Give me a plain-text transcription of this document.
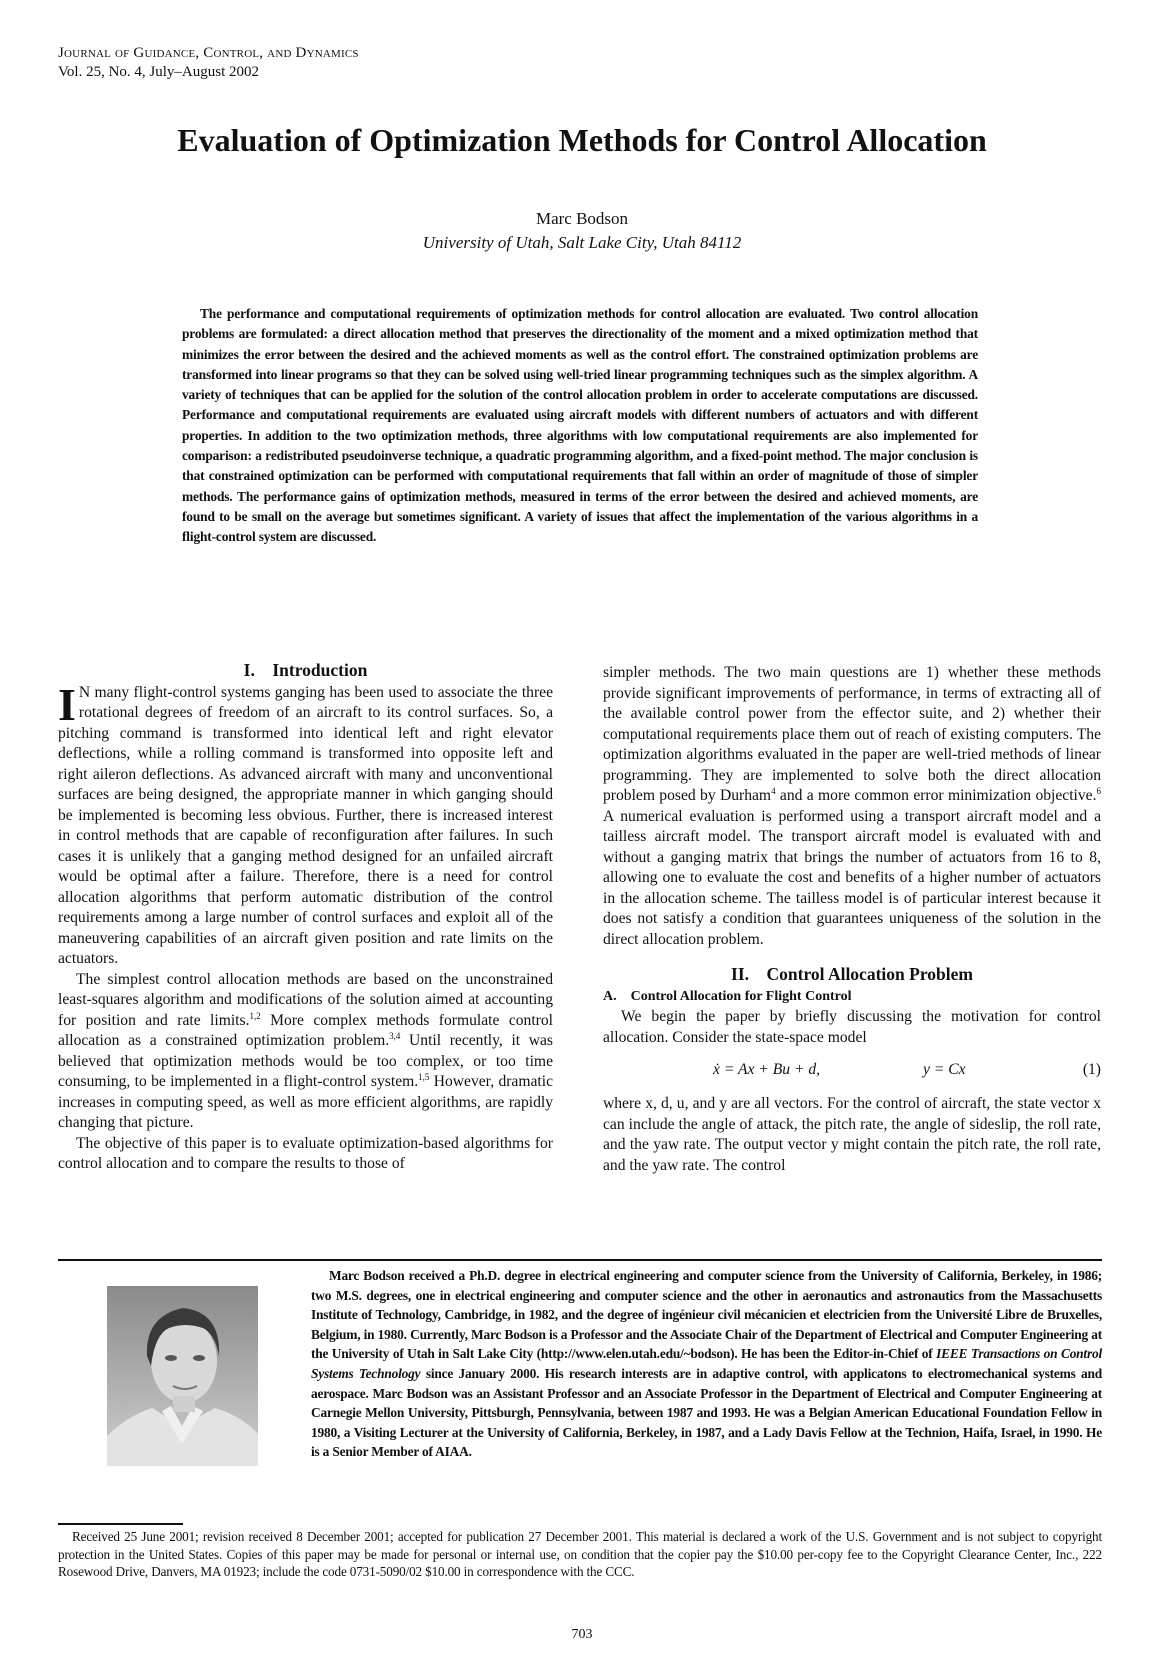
Journal of Guidance, Control, and Dynamics
Vol. 25, No. 4, July–August 2002
Evaluation of Optimization Methods for Control Allocation
Marc Bodson
University of Utah, Salt Lake City, Utah 84112
The performance and computational requirements of optimization methods for control allocation are evaluated. Two control allocation problems are formulated: a direct allocation method that preserves the directionality of the moment and a mixed optimization method that minimizes the error between the desired and the achieved moments as well as the control effort. The constrained optimization problems are transformed into linear programs so that they can be solved using well-tried linear programming techniques such as the simplex algorithm. A variety of techniques that can be applied for the solution of the control allocation problem in order to accelerate computations are discussed. Performance and computational requirements are evaluated using aircraft models with different numbers of actuators and with different properties. In addition to the two optimization methods, three algorithms with low computational requirements are also implemented for comparison: a redistributed pseudoinverse technique, a quadratic programming algorithm, and a fixed-point method. The major conclusion is that constrained optimization can be performed with computational requirements that fall within an order of magnitude of those of simpler methods. The performance gains of optimization methods, measured in terms of the error between the desired and achieved moments, are found to be small on the average but sometimes significant. A variety of issues that affect the implementation of the various algorithms in a flight-control system are discussed.
I.    Introduction

I N many flight-control systems ganging has been used to associate the three rotational degrees of freedom of an aircraft to its control surfaces. So, a pitching command is transformed into identical left and right elevator deflections, while a rolling command is transformed into opposite left and right aileron deflections. As advanced aircraft with many and unconventional surfaces are being designed, the appropriate manner in which ganging should be implemented is becoming less obvious. Further, there is increased interest in control methods that are capable of reconfiguration after failures. In such cases it is unlikely that a ganging method designed for an unfailed aircraft would be optimal after a failure. Therefore, there is a need for control allocation algorithms that perform automatic distribution of the control requirements among a large number of control surfaces and exploit all of the maneuvering capabilities of an aircraft given position and rate limits on the actuators.

The simplest control allocation methods are based on the unconstrained least-squares algorithm and modifications of the solution aimed at accounting for position and rate limits.$^{1,2}$ More complex methods formulate control allocation as a constrained optimization problem.$^{3,4}$ Until recently, it was believed that optimization methods would be too complex, or too time consuming, to be implemented in a flight-control system.$^{1,5}$ However, dramatic increases in computing speed, as well as more efficient algorithms, are rapidly changing that picture.

The objective of this paper is to evaluate optimization-based algorithms for control allocation and to compare the results to those of

simpler methods. The two main questions are 1) whether these methods provide significant improvements of performance, in terms of extracting all of the available control power from the effector suite, and 2) whether their computational requirements place them out of reach of existing computers. The optimization algorithms evaluated in the paper are well-tried methods of linear programming. They are implemented to solve both the direct allocation problem posed by Durham$^4$ and a more common error minimization objective.$^6$ A numerical evaluation is performed using a transport aircraft model and a tailless aircraft model. The transport aircraft model is evaluated with and without a ganging matrix that brings the number of actuators from 16 to 8, allowing one to evaluate the cost and benefits of a higher number of actuators in the allocation scheme. The tailless model is of particular interest because it does not satisfy a condition that guarantees uniqueness of the solution in the direct allocation problem.

II.    Control Allocation Problem
A.    Control Allocation for Flight Control

We begin the paper by briefly discussing the motivation for control allocation. Consider the state-space model

ẋ = Ax + Bu + d,	y = Cx	(1)

where x, d, u, and y are all vectors. For the control of aircraft, the state vector x can include the angle of attack, the pitch rate, the angle of sideslip, the roll rate, and the yaw rate. The output vector y might contain the pitch rate, the roll rate, and the yaw rate. The control

Marc Bodson received a Ph.D. degree in electrical engineering and computer science from the University of California, Berkeley, in 1986; two M.S. degrees, one in electrical engineering and computer science and the other in aeronautics and astronautics from the Massachusetts Institute of Technology, Cambridge, in 1982, and the degree of ingénieur civil mécanicien et electricien from the Université Libre de Bruxelles, Belgium, in 1980. Currently, Marc Bodson is a Professor and the Associate Chair of the Department of Electrical and Computer Engineering at the University of Utah in Salt Lake City (http://www.elen.utah.edu/~bodson). He has been the Editor-in-Chief of IEEE Transactions on Control Systems Technology since January 2000. His research interests are in adaptive control, with applicatons to electromechanical systems and aerospace. Marc Bodson was an Assistant Professor and an Associate Professor in the Department of Electrical and Computer Engineering at Carnegie Mellon University, Pittsburgh, Pennsylvania, between 1987 and 1993. He was a Belgian American Educational Foundation Fellow in 1980, a Visiting Lecturer at the University of California, Berkeley, in 1987, and a Lady Davis Fellow at the Technion, Haifa, Israel, in 1990. He is a Senior Member of AIAA.
Received 25 June 2001; revision received 8 December 2001; accepted for publication 27 December 2001. This material is declared a work of the U.S. Government and is not subject to copyright protection in the United States. Copies of this paper may be made for personal or internal use, on condition that the copier pay the $10.00 per-copy fee to the Copyright Clearance Center, Inc., 222 Rosewood Drive, Danvers, MA 01923; include the code 0731-5090/02 $10.00 in correspondence with the CCC.
703
